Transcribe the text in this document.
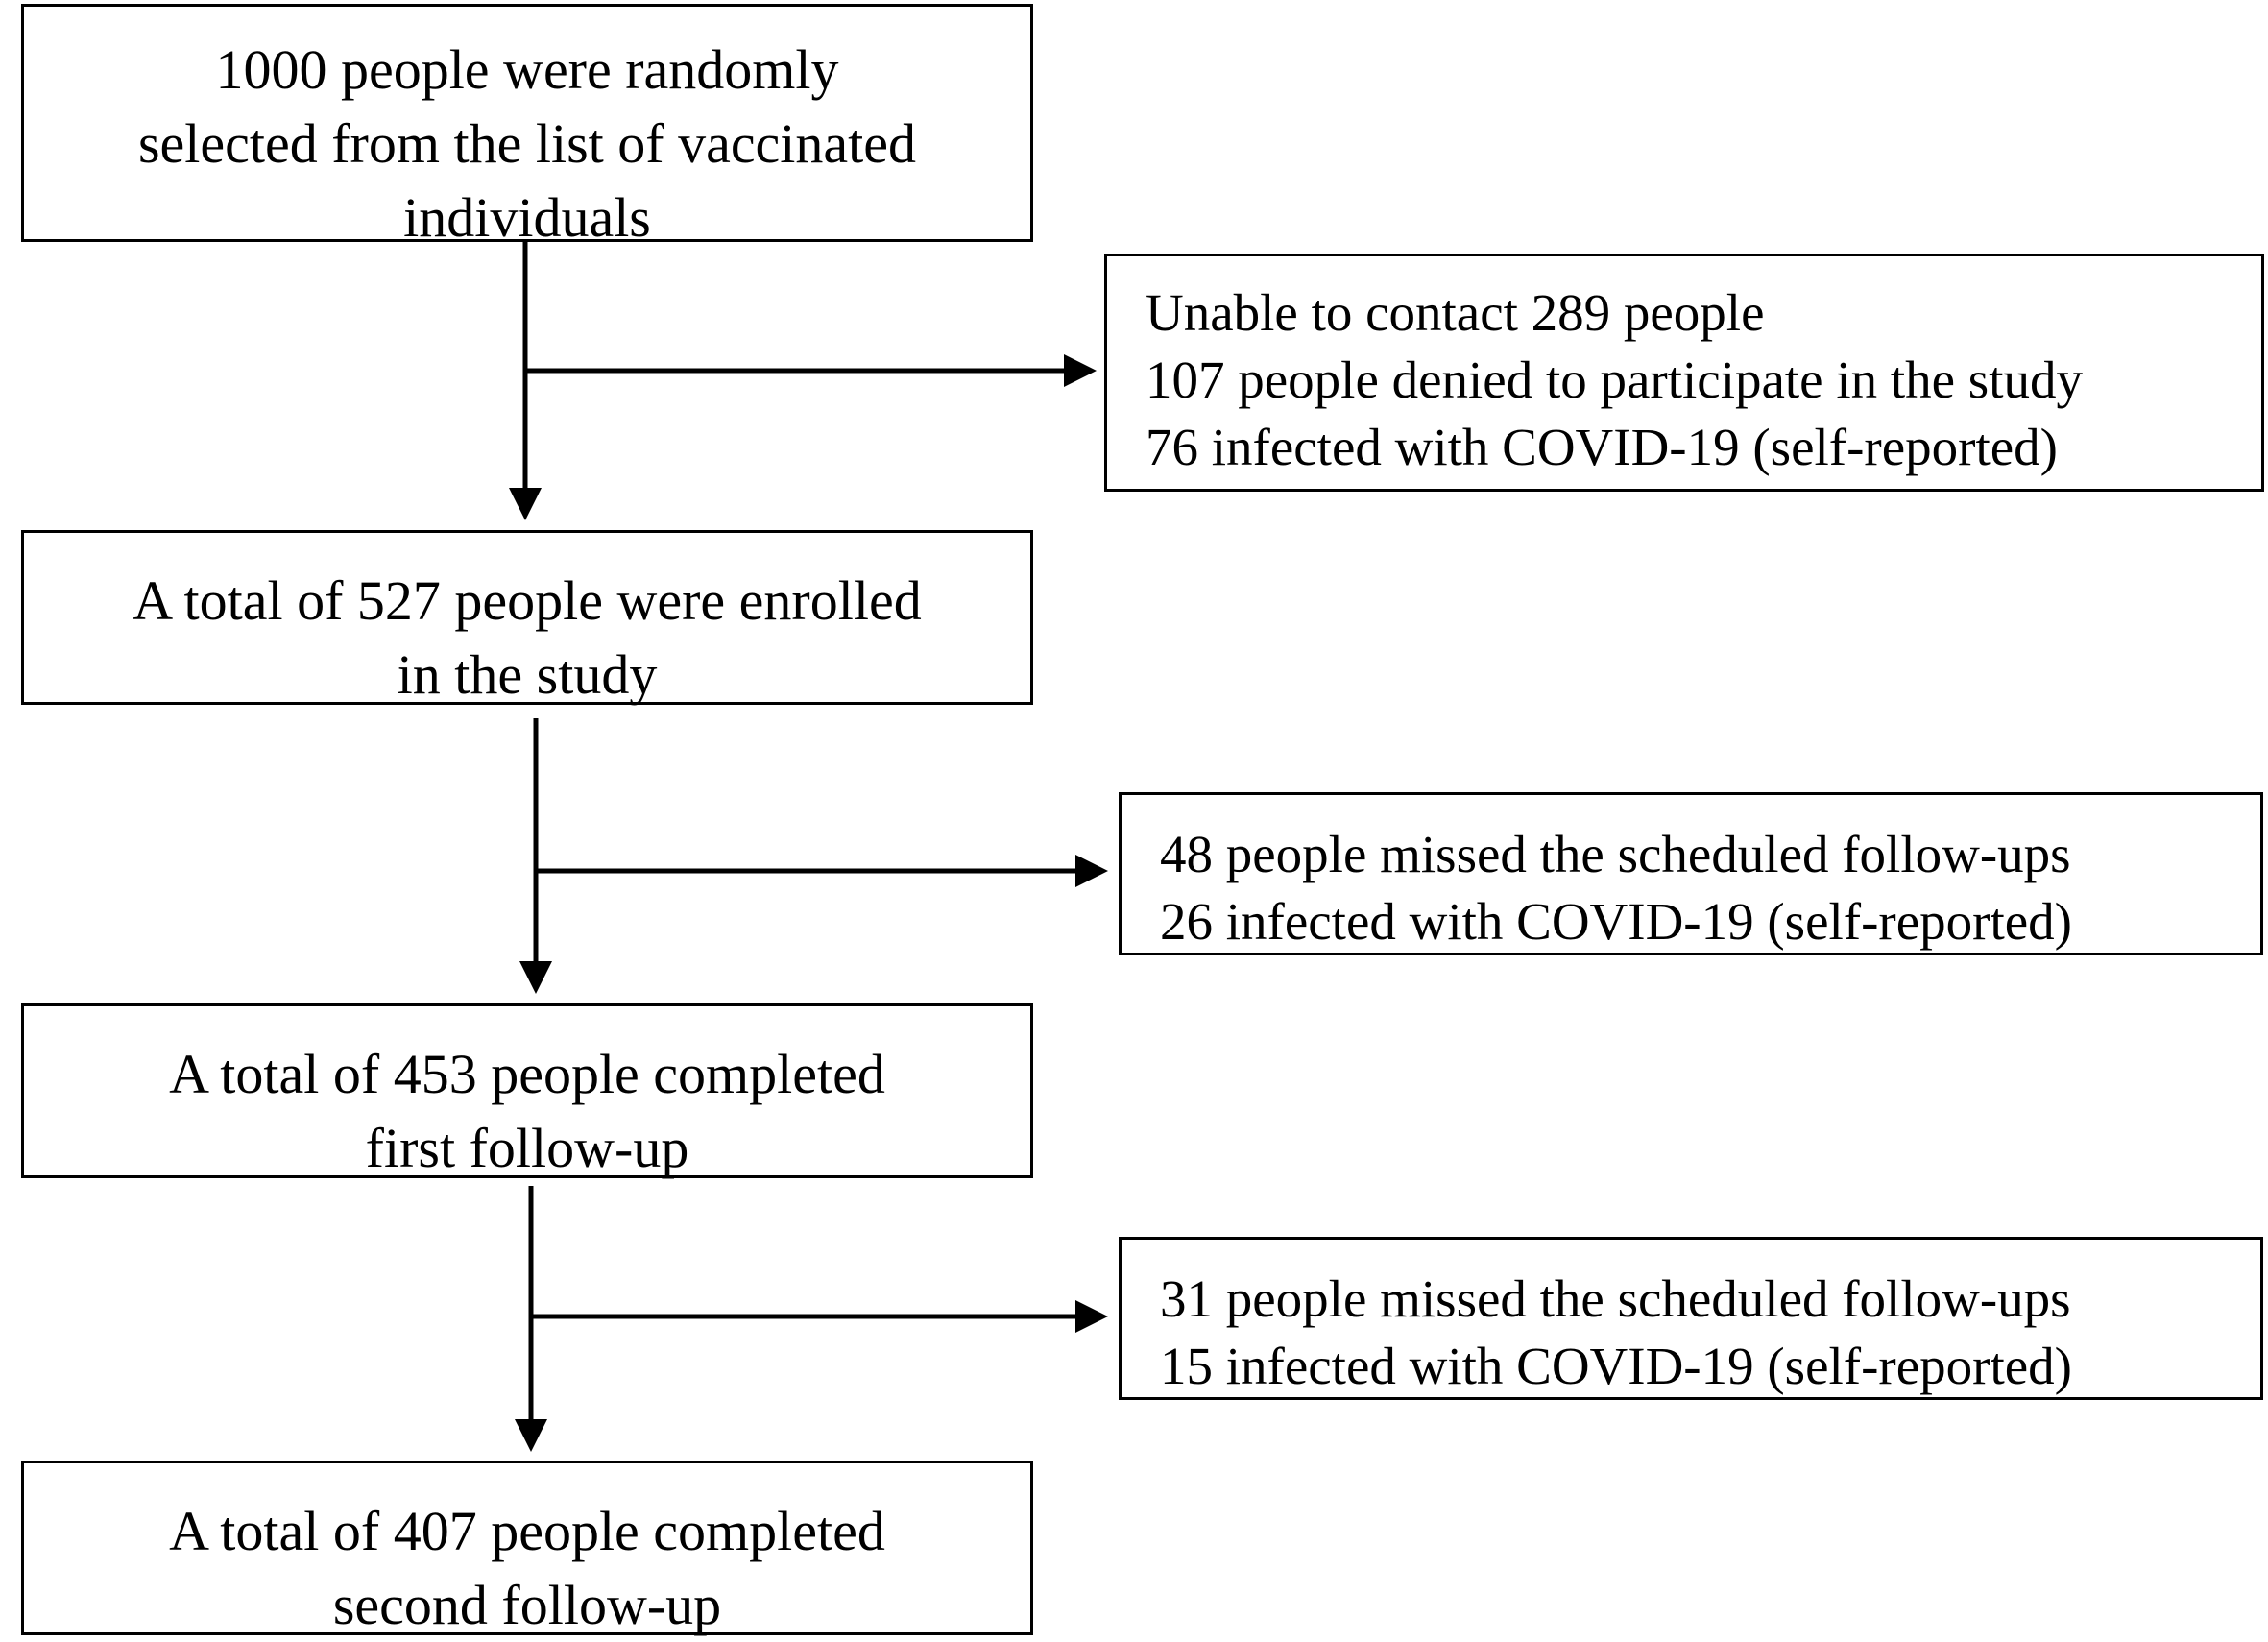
1000 people were randomly
selected from the list of vaccinated
individuals
Unable to contact 289 people
107 people denied to participate in the study
76 infected with COVID-19 (self-reported)
A total of 527 people were enrolled
in the study
48 people missed the scheduled follow-ups
26 infected with COVID-19 (self-reported)
A total of 453 people completed
first follow-up
31 people missed the scheduled follow-ups
15 infected with COVID-19 (self-reported)
A total of 407 people completed
second follow-up
